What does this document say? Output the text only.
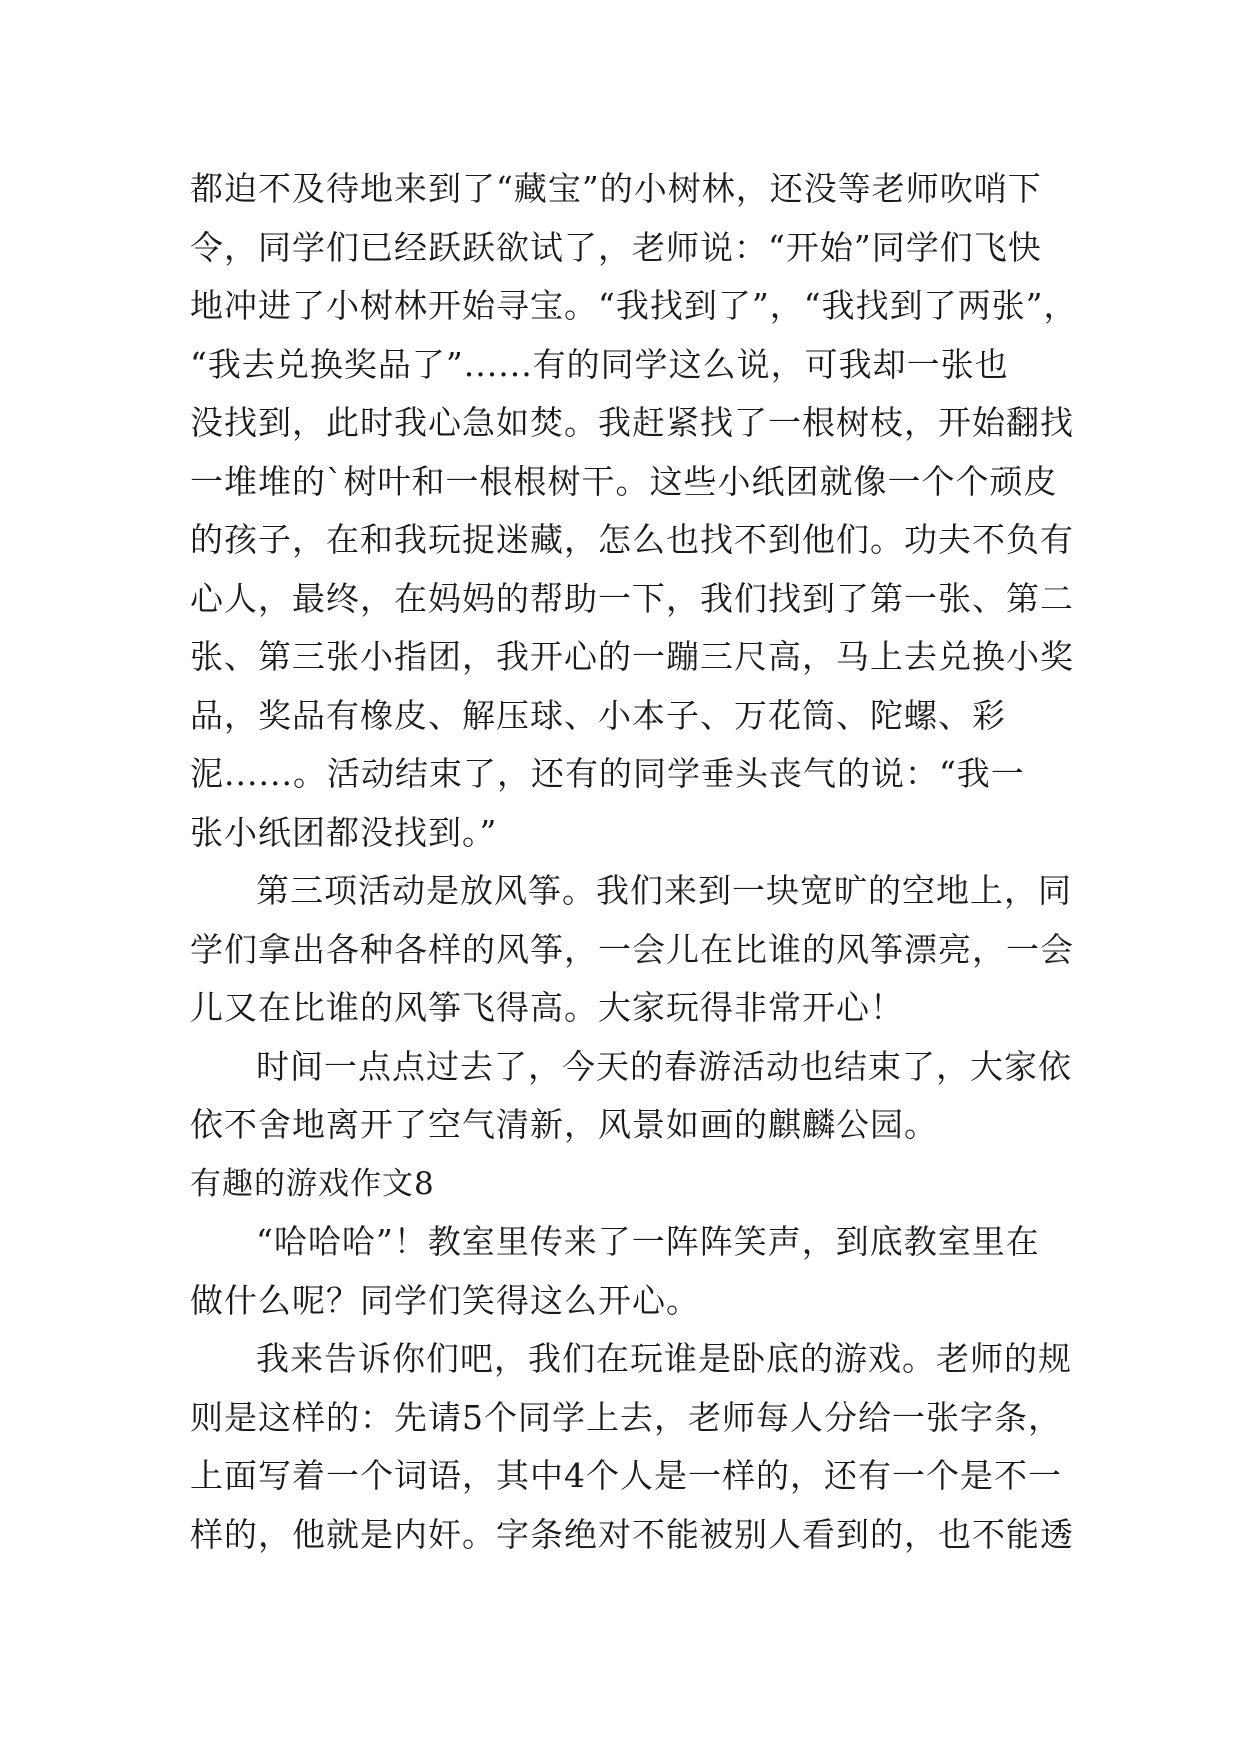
都迫不及待地来到了“藏宝”的小树林，还没等老师吹哨下
令，同学们已经跃跃欲试了，老师说：“开始”同学们飞快
地冲进了小树林开始寻宝。“我找到了”，“我找到了两张”，
“我去兑换奖品了”......有的同学这么说，可我却一张也
没找到，此时我心急如焚。我赶紧找了一根树枝，开始翻找
一堆堆的`树叶和一根根树干。这些小纸团就像一个个顽皮
的孩子，在和我玩捉迷藏，怎么也找不到他们。功夫不负有
心人，最终，在妈妈的帮助一下，我们找到了第一张、第二
张、第三张小指团，我开心的一蹦三尺高，马上去兑换小奖
品，奖品有橡皮、解压球、小本子、万花筒、陀螺、彩
泥......。活动结束了，还有的同学垂头丧气的说：“我一
张小纸团都没找到。”
第三项活动是放风筝。我们来到一块宽旷的空地上，同
学们拿出各种各样的风筝，一会儿在比谁的风筝漂亮，一会
儿又在比谁的风筝飞得高。大家玩得非常开心！
时间一点点过去了，今天的春游活动也结束了，大家依
依不舍地离开了空气清新，风景如画的麒麟公园。
有趣的游戏作文8
“哈哈哈”！教室里传来了一阵阵笑声，到底教室里在
做什么呢？同学们笑得这么开心。
我来告诉你们吧，我们在玩谁是卧底的游戏。老师的规
则是这样的：先请5个同学上去，老师每人分给一张字条，
上面写着一个词语，其中4个人是一样的，还有一个是不一
样的，他就是内奸。字条绝对不能被别人看到的，也不能透
